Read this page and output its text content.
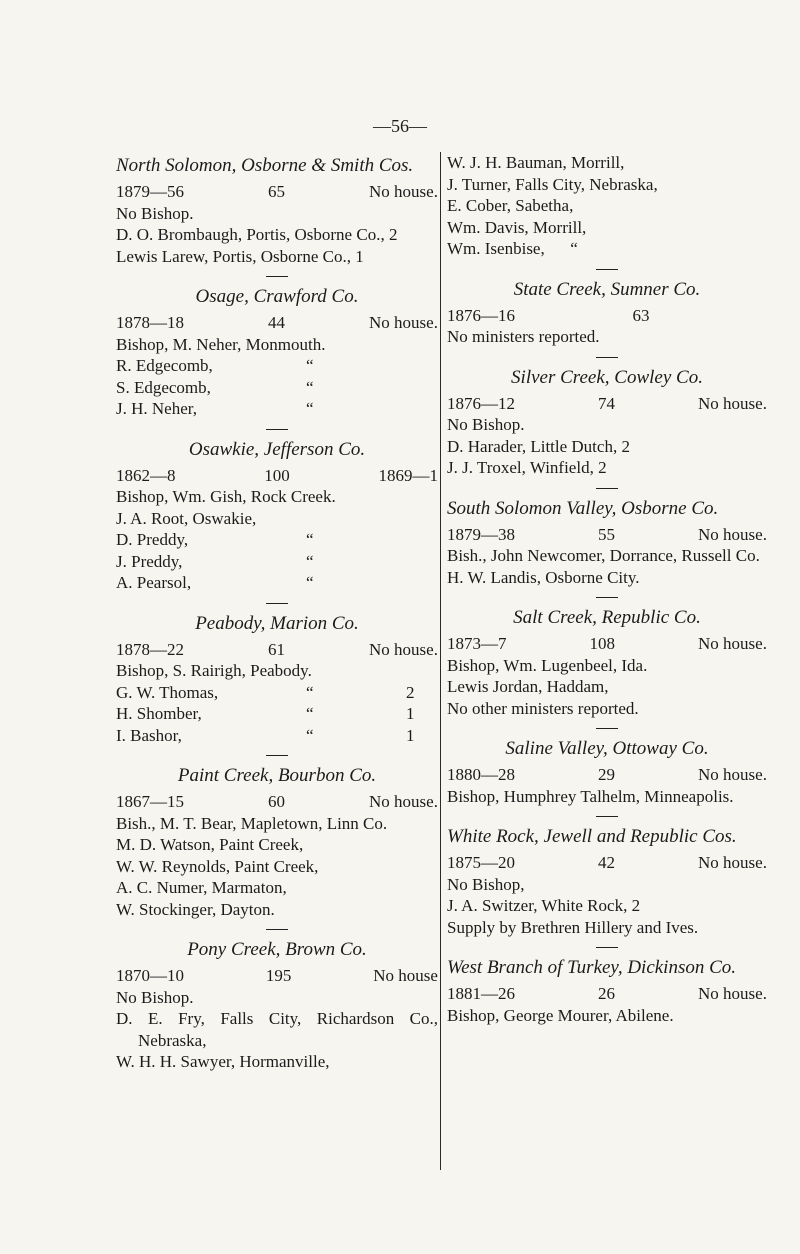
—56—
North Solomon, Osborne & Smith Cos.
1879—56	65	No house.
No Bishop.
D. O. Brombaugh, Portis, Osborne Co., 2
Lewis Larew, Portis, Osborne Co., 1
Osage, Crawford Co.
1878—18	44	No house.
Bishop, M. Neher, Monmouth.
R. Edgecomb,	“
S. Edgecomb,	“
J. H. Neher,	“
Osawkie, Jefferson Co.
1862—8	100	1869—1
Bishop, Wm. Gish, Rock Creek.
J. A. Root, Oswakie,
D. Preddy,	“
J. Preddy,	“
A. Pearsol,	“
Peabody, Marion Co.
1878—22	61	No house.
Bishop, S. Rairigh, Peabody.
G. W. Thomas,	“	2
H. Shomber,	“	1
I. Bashor,	“	1
Paint Creek, Bourbon Co.
1867—15	60	No house.
Bish., M. T. Bear, Mapletown, Linn Co.
M. D. Watson, Paint Creek,
W. W. Reynolds, Paint Creek,
A. C. Numer, Marmaton,
W. Stockinger, Dayton.
Pony Creek, Brown Co.
1870—10	195	No house
No Bishop.
D. E. Fry, Falls City, Richardson Co., Nebraska,
W. H. H. Sawyer, Hormanville,
W. J. H. Bauman, Morrill,
J. Turner, Falls City, Nebraska,
E. Cober, Sabetha,
Wm. Davis, Morrill,
Wm. Isenbise,      “
State Creek, Sumner Co.
1876—16	63
No ministers reported.
Silver Creek, Cowley Co.
1876—12	74	No house.
No Bishop.
D. Harader, Little Dutch, 2
J. J. Troxel, Winfield, 2
South Solomon Valley, Osborne Co.
1879—38	55	No house.
Bish., John Newcomer, Dorrance, Russell Co.
H. W. Landis, Osborne City.
Salt Creek, Republic Co.
1873—7	108	No house.
Bishop, Wm. Lugenbeel, Ida.
Lewis Jordan, Haddam,
No other ministers reported.
Saline Valley, Ottoway Co.
1880—28	29	No house.
Bishop, Humphrey Talhelm, Minneapolis.
White Rock, Jewell and Republic Cos.
1875—20	42	No house.
No Bishop,
J. A. Switzer, White Rock, 2
Supply by Brethren Hillery and Ives.
West Branch of Turkey, Dickinson Co.
1881—26	26	No house.
Bishop, George Mourer, Abilene.
